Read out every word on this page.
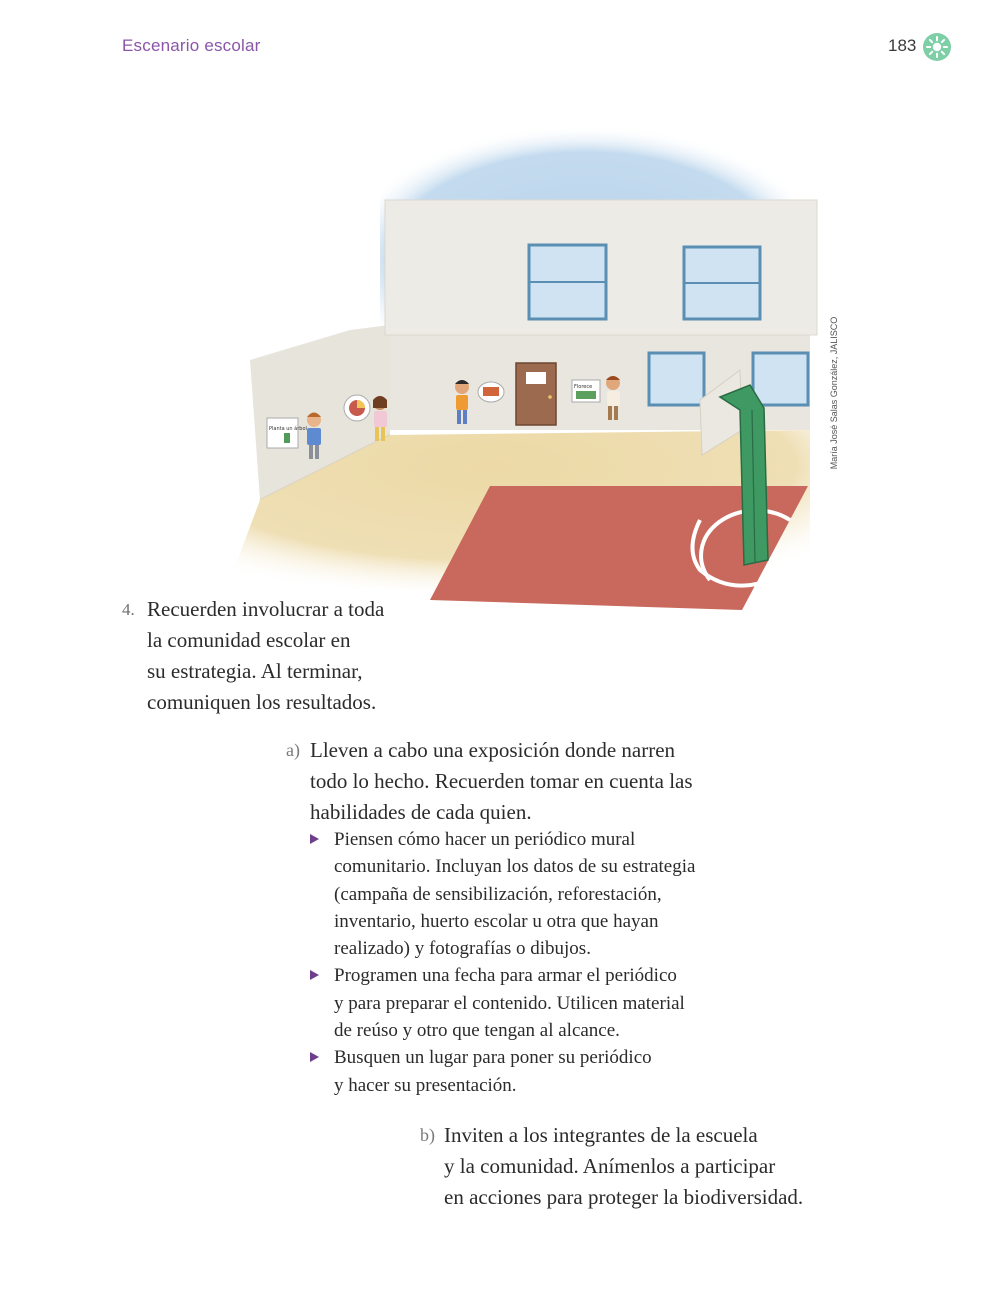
Escenario escolar	183
Planta un árbol
Florece	María José Salas González, JALISCO
4. Recuerden involucrar a toda
la comunidad escolar en
su estrategia. Al terminar,
comuniquen los resultados.
a) Lleven a cabo una exposición donde narren
todo lo hecho. Recuerden tomar en cuenta las
habilidades de cada quien.
Piensen cómo hacer un periódico mural
comunitario. Incluyan los datos de su estrategia
(campaña de sensibilización, reforestación,
inventario, huerto escolar u otra que hayan
realizado) y fotografías o dibujos.
Programen una fecha para armar el periódico
y para preparar el contenido. Utilicen material
de reúso y otro que tengan al alcance.
Busquen un lugar para poner su periódico
y hacer su presentación.
b) Inviten a los integrantes de la escuela
y la comunidad. Anímenlos a participar
en acciones para proteger la biodiversidad.
